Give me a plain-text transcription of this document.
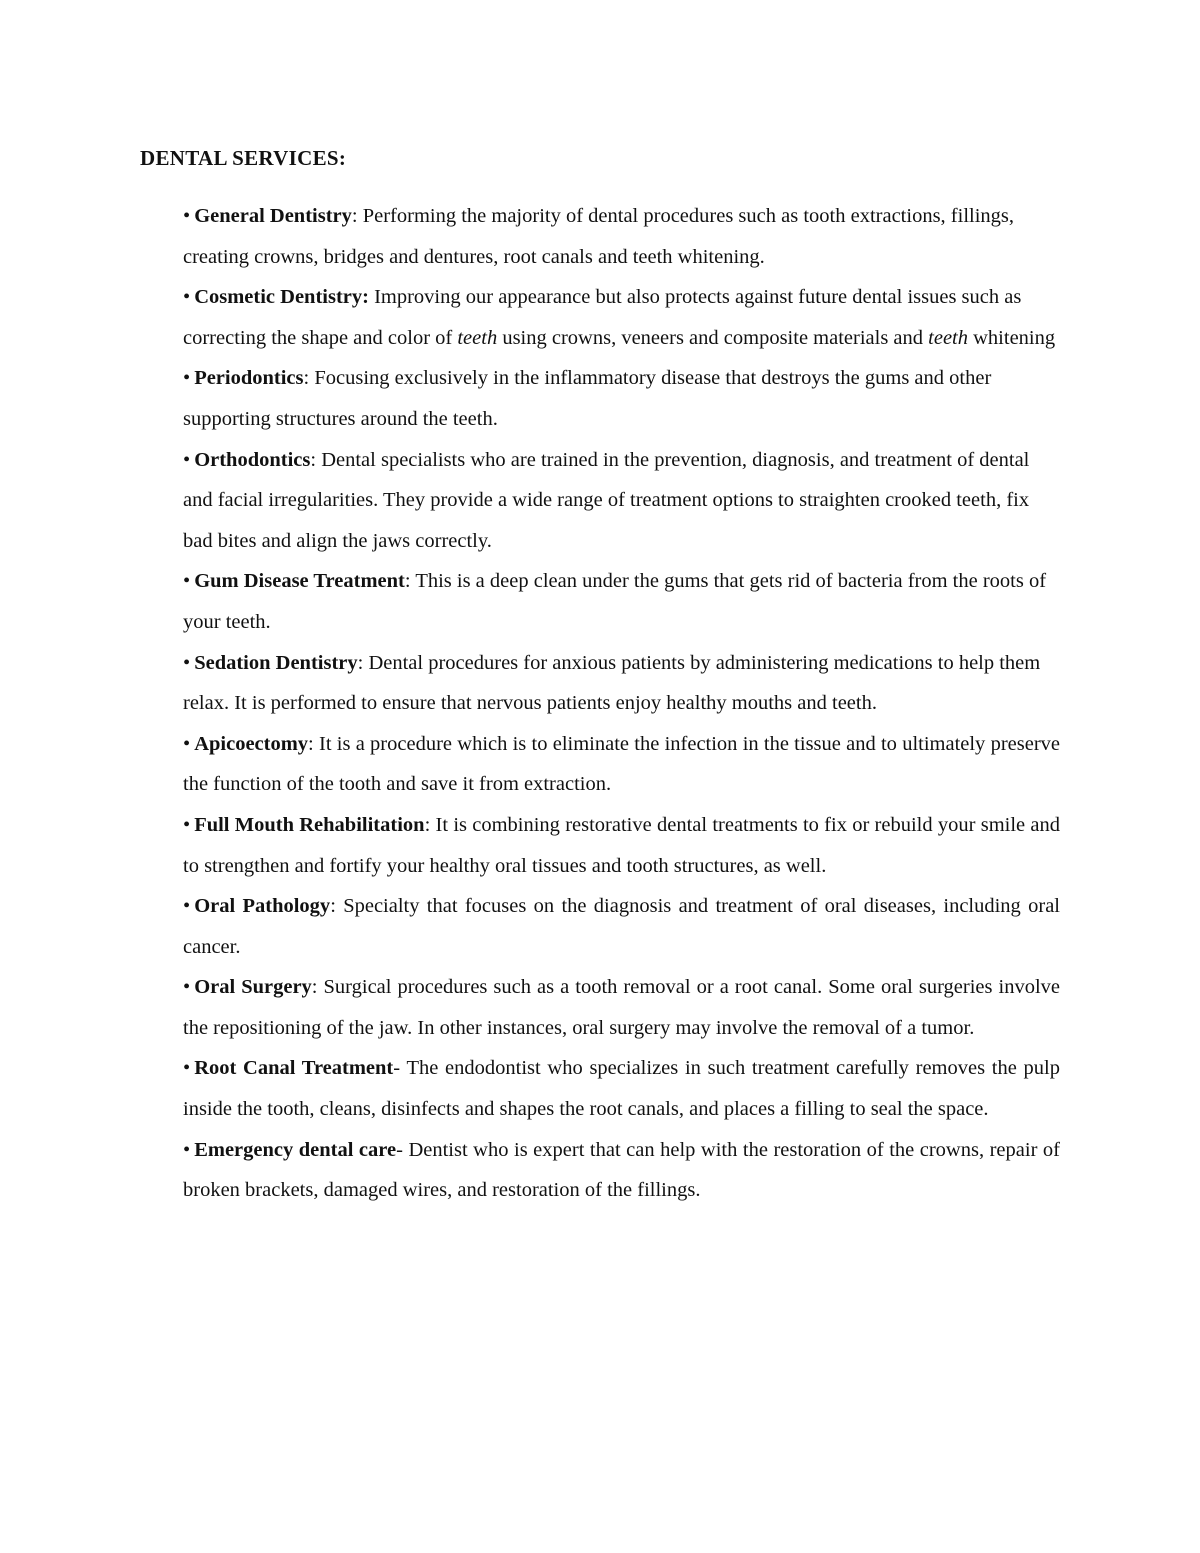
DENTAL SERVICES:
• General Dentistry: Performing the majority of dental procedures such as tooth extractions, fillings, creating crowns, bridges and dentures, root canals and teeth whitening.
• Cosmetic Dentistry: Improving our appearance but also protects against future dental issues such as correcting the shape and color of teeth using crowns, veneers and composite materials and teeth whitening
• Periodontics: Focusing exclusively in the inflammatory disease that destroys the gums and other supporting structures around the teeth.
• Orthodontics: Dental specialists who are trained in the prevention, diagnosis, and treatment of dental and facial irregularities. They provide a wide range of treatment options to straighten crooked teeth, fix bad bites and align the jaws correctly.
• Gum Disease Treatment: This is a deep clean under the gums that gets rid of bacteria from the roots of your teeth.
• Sedation Dentistry: Dental procedures for anxious patients by administering medications to help them relax. It is performed to ensure that nervous patients enjoy healthy mouths and teeth.
• Apicoectomy: It is a procedure which is to eliminate the infection in the tissue and to ultimately preserve the function of the tooth and save it from extraction.
• Full Mouth Rehabilitation: It is combining restorative dental treatments to fix or rebuild your smile and to strengthen and fortify your healthy oral tissues and tooth structures, as well.
• Oral Pathology: Specialty that focuses on the diagnosis and treatment of oral diseases, including oral cancer.
• Oral Surgery: Surgical procedures such as a tooth removal or a root canal. Some oral surgeries involve the repositioning of the jaw. In other instances, oral surgery may involve the removal of a tumor.
• Root Canal Treatment- The endodontist who specializes in such treatment carefully removes the pulp inside the tooth, cleans, disinfects and shapes the root canals, and places a filling to seal the space.
• Emergency dental care- Dentist who is expert that can help with the restoration of the crowns, repair of broken brackets, damaged wires, and restoration of the fillings.
